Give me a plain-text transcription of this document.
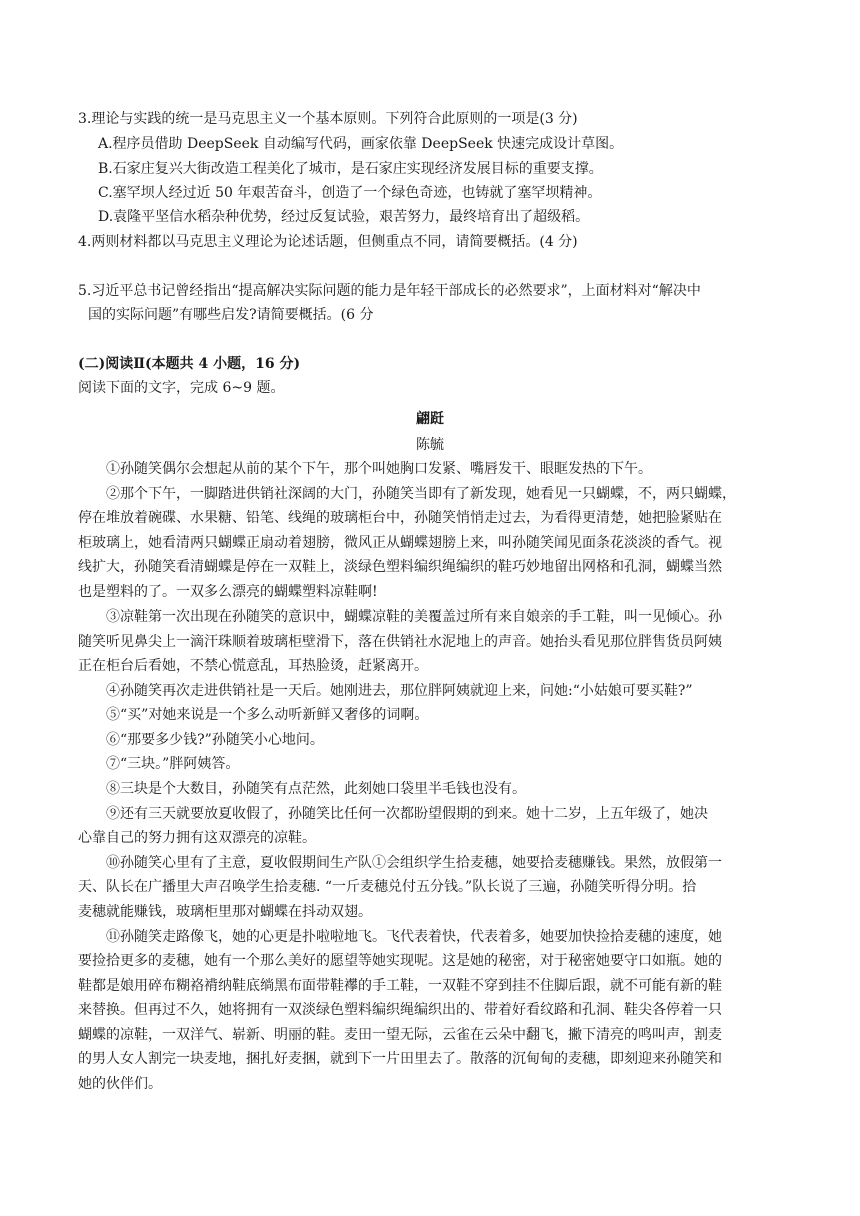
3.理论与实践的统一是马克思主义一个基本原则。下列符合此原则的一项是(3 分)
A.程序员借助 DeepSeek 自动编写代码，画家依靠 DeepSeek 快速完成设计草图。
B.石家庄复兴大街改造工程美化了城市，是石家庄实现经济发展目标的重要支撑。
C.塞罕坝人经过近 50 年艰苦奋斗，创造了一个绿色奇迹，也铸就了塞罕坝精神。
D.袁隆平坚信水稻杂种优势，经过反复试验，艰苦努力，最终培育出了超级稻。
4.两则材料都以马克思主义理论为论述话题，但侧重点不同，请简要概括。(4 分)
5.习近平总书记曾经指出“提高解决实际问题的能力是年轻干部成长的必然要求”，上面材料对“解决中
国的实际问题”有哪些启发?请简要概括。(6 分
(二)阅读Ⅱ(本题共 4 小题，16 分)
阅读下面的文字，完成 6~9 题。
翩跹
陈毓
①孙随笑偶尔会想起从前的某个下午，那个叫她胸口发紧、嘴唇发干、眼眶发热的下午。
②那个下午，一脚踏进供销社深阔的大门，孙随笑当即有了新发现，她看见一只蝴蝶，不，两只蝴蝶，
停在堆放着碗碟、水果糖、铅笔、线绳的玻璃柜台中，孙随笑悄悄走过去，为看得更清楚，她把脸紧贴在
柜玻璃上，她看清两只蝴蝶正扇动着翅膀，微风正从蝴蝶翅膀上来，叫孙随笑闻见面条花淡淡的香气。视
线扩大，孙随笑看清蝴蝶是停在一双鞋上，淡绿色塑料编织绳编织的鞋巧妙地留出网格和孔洞，蝴蝶当然
也是塑料的了。一双多么漂亮的蝴蝶塑料凉鞋啊!
③凉鞋第一次出现在孙随笑的意识中，蝴蝶凉鞋的美覆盖过所有来自娘亲的手工鞋，叫一见倾心。孙
随笑听见鼻尖上一滴汗珠顺着玻璃柜壁滑下，落在供销社水泥地上的声音。她抬头看见那位胖售货员阿姨
正在柜台后看她，不禁心慌意乱，耳热脸烫，赶紧离开。
④孙随笑再次走进供销社是一天后。她刚进去，那位胖阿姨就迎上来，问她:“小姑娘可要买鞋?”
⑤“买”对她来说是一个多么动听新鲜又奢侈的词啊。
⑥“那要多少钱?”孙随笑小心地问。
⑦“三块。”胖阿姨答。
⑧三块是个大数目，孙随笑有点茫然，此刻她口袋里半毛钱也没有。
⑨还有三天就要放夏收假了，孙随笑比任何一次都盼望假期的到来。她十二岁，上五年级了，她决
心靠自己的努力拥有这双漂亮的凉鞋。
⑩孙随笑心里有了主意，夏收假期间生产队①会组织学生拾麦穗，她要拾麦穗赚钱。果然，放假第一
天、队长在广播里大声召唤学生拾麦穗. “一斤麦穗兑付五分钱。”队长说了三遍，孙随笑听得分明。拾
麦穗就能赚钱，玻璃柜里那对蝴蝶在抖动双翅。
⑪孙随笑走路像飞，她的心更是扑啦啦地飞。飞代表着快，代表着多，她要加快捡拾麦穗的速度，她
要捡拾更多的麦穗，她有一个那么美好的愿望等她实现呢。这是她的秘密，对于秘密她要守口如瓶。她的
鞋都是娘用碎布糊袼褙纳鞋底绱黑布面带鞋襻的手工鞋，一双鞋不穿到挂不住脚后跟，就不可能有新的鞋
来替换。但再过不久，她将拥有一双淡绿色塑料编织绳编织出的、带着好看纹路和孔洞、鞋尖各停着一只
蝴蝶的凉鞋，一双洋气、崭新、明丽的鞋。麦田一望无际，云雀在云朵中翻飞，撇下清亮的鸣叫声，割麦
的男人女人割完一块麦地，捆扎好麦捆，就到下一片田里去了。散落的沉甸甸的麦穗，即刻迎来孙随笑和
她的伙伴们。
